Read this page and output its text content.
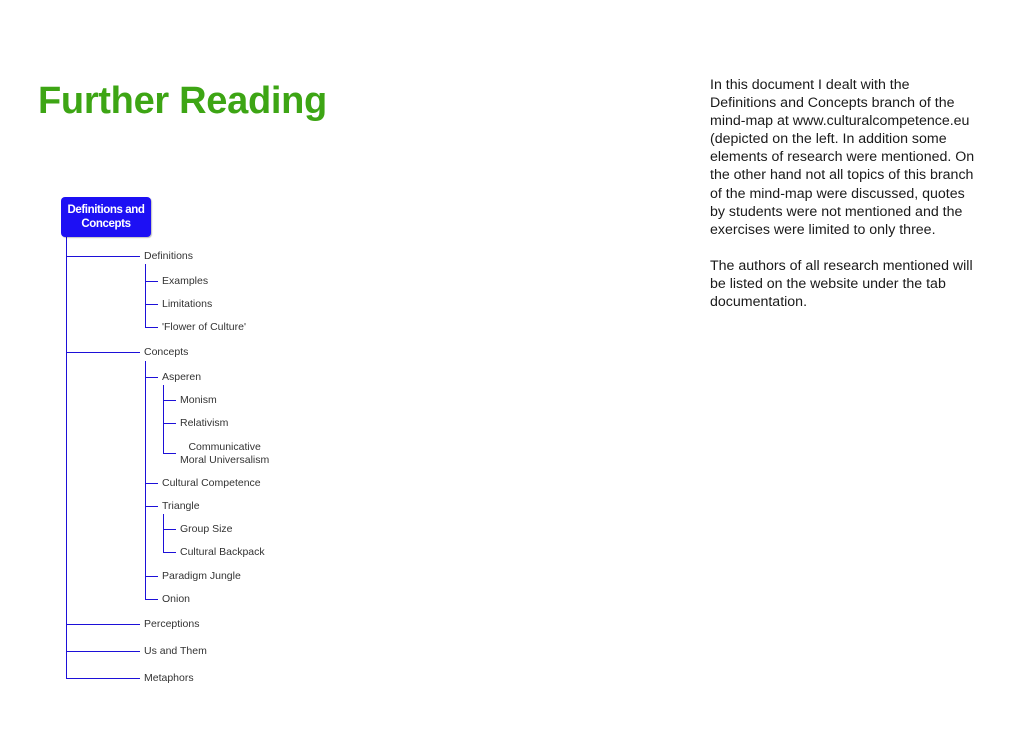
Further Reading	In this document I dealt with the Definitions and Concepts branch of the mind-map at www.culturalcompetence.eu (depicted on the left. In addition some elements of research were mentioned. On the other hand not all topics of this branch of the mind-map were discussed, quotes by students were not mentioned and the exercises were limited to only three.

The authors of all research mentioned will be listed on the website under the tab documentation.

Definitions and Concepts
Definitions
Concepts
Perceptions
Us and Them
Metaphors
Examples
Limitations
'Flower of Culture'
Asperen
Monism
Relativism
Communicative
Moral Universalism
Cultural Competence
Triangle
Group Size
Cultural Backpack
Paradigm Jungle
Onion
